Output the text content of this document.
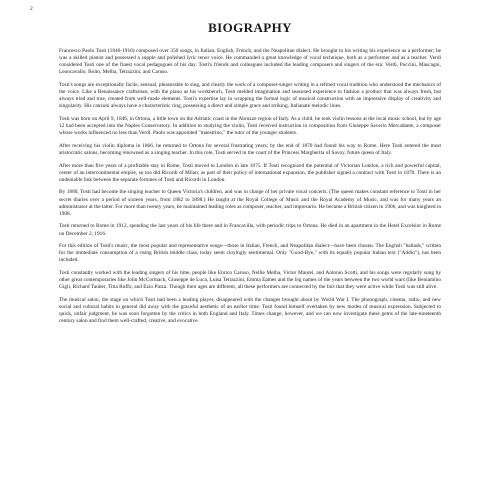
2
BIOGRAPHY

Francesco Paolo Tosti (1846-1916) composed over 350 songs, in Italian, English, French, and the Neapolitan dialect. He brought to his writing his experience as a performer; he was a skilled pianist and possessed a supple and polished lyric tenor voice. He commanded a great knowledge of vocal technique, both as a performer and as a teacher. Verdi considered Tosti one of the finest vocal pedagogues of his day. Tosti's friends and colleagues included the leading composers and singers of the era: Verdi, Puccini, Mascagni, Leoncavallo, Boito, Melba, Tetrazzini, and Caruso.

Tosti's songs are exceptionally facile, sensual, pleasurable to sing, and clearly the work of a composer-singer writing in a refined vocal tradition who understood the mechanics of the voice. Like a Renaissance craftsman, with the piano as his workbench, Tosti melded imagination and seasoned experience to fashion a product that was always fresh, but always tried and true, created from well-made elements. Tosti's expertise lay in wrapping the formal logic of musical construction with an impressive display of creativity and singularity. His canzoni always have a characteristic ring, possessing a direct and simple grace and striking, Italianate melodic lines.

Tosti was born on April 9, 1846, in Ortona, a little town on the Adriatic coast in the Abruzze region of Italy. As a child, he took violin lessons at the local music school, but by age 12 had been accepted into the Naples Conservatory. In addition to studying the violin, Tosti received instruction in composition from Giuseppe Saverio Mercadante, a composer whose works influenced no less than Verdi. Paolo was appointed "maestrino," the tutor of the younger students.

After receiving his violin diploma in 1866, he returned to Ortona for several frustrating years; by the end of 1870 had found his way to Rome. Here Tosti entered the most aristocratic salons, becoming renowned as a singing teacher. In this role, Tosti served in the court of the Princess Margherita of Savoy, future queen of Italy.

After more than five years of a profitable stay in Rome, Tosti moved to London in late 1875. If Tosti recognized the potential of Victorian London, a rich and powerful capital, center of an intercontinental empire, so too did Ricordi of Milan; as part of their policy of international expansion, the publisher signed a contract with Tosti in 1878. There is an undeniable link between the separate fortunes of Tosti and Ricordi in London.

By 1880, Tosti had become the singing teacher to Queen Victoria's children, and was in charge of her private vocal concerts. (The queen makes constant reference to Tosti in her secret diaries over a period of sixteen years, from 1882 to 1898.) He taught at the Royal College of Music and the Royal Academy of Music, and was for many years an administrator at the latter. For more than twenty years, he maintained leading roles as composer, teacher, and impresario. He became a British citizen in 1906, and was knighted in 1908.

Tosti returned to Rome in 1912, spending the last years of his life there and in Francavilla, with periodic trips to Ortona. He died in an apartment in the Hotel Excelsior in Rome on December 2, 1916.

For this edition of Tosti's music, the most popular and representative songs—those in Italian, French, and Neapolitan dialect—have been chosen. The English "ballads," written for the immediate consumption of a rising British middle class, today seem cloyingly sentimental. Only "Good-Bye," with its equally popular Italian text ("Addio"), has been included.

Tosti constantly worked with the leading singers of his time, people like Enrico Caruso, Nellie Melba, Victor Maurel, and Antonio Scotti, and his songs were regularly sung by other great contemporaries like John McCormack, Giuseppe de Luca, Luisa Tetrazzini, Emma Eames and the big names of the years between the two world wars (like Beniamino Gigli, Richard Tauber, Titta Ruffo, and Ezio Pinza. Though their ages are different, all these performers are connected by the fact that they were active while Tosti was still alive.

The musical salon, the stage on which Tosti had been a leading player, disappeared with the changes brought about by World War I. The phonograph, cinema, radio, and new social and cultural habits in general did away with the graceful aesthetic of an earlier time. Tosti found himself overtaken by new modes of musical expression. Subjected to quick, unfair judgment, he was soon forgotten by the critics in both England and Italy. Times change, however, and we can now investigate these gems of the late-nineteenth century salon and find them well-crafted, creative, and evocative.
